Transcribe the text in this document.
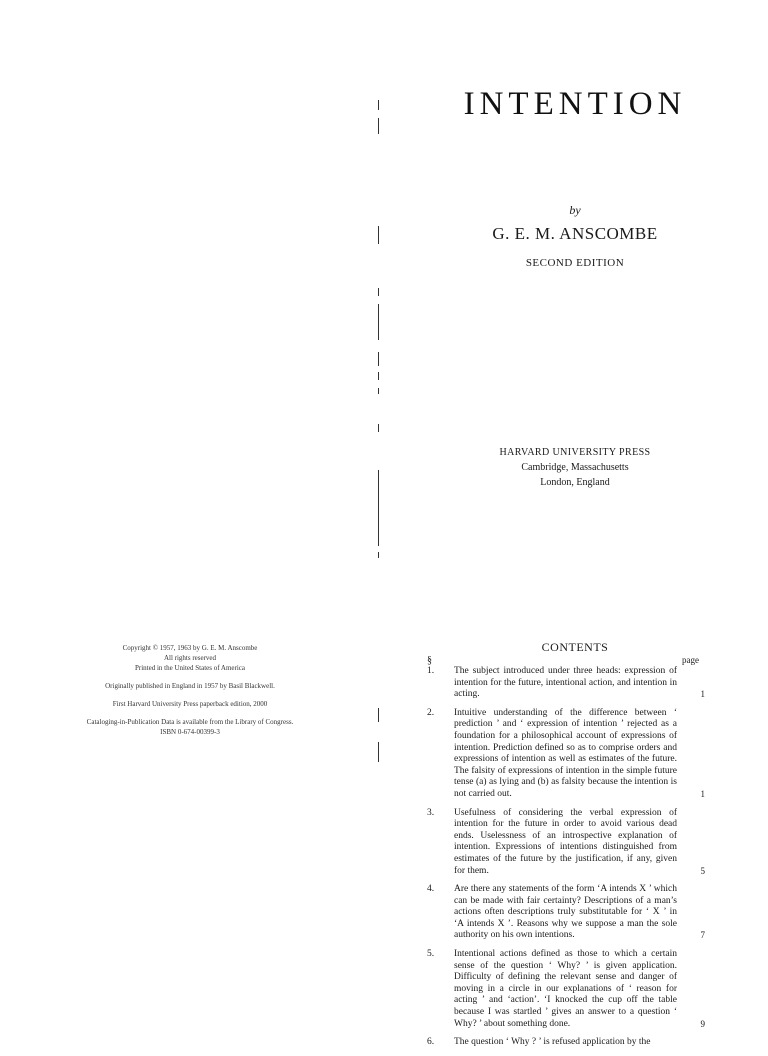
INTENTION
by
G. E. M. ANSCOMBE
SECOND EDITION
HARVARD UNIVERSITY PRESS
Cambridge, Massachusetts
London, England
Copyright © 1957, 1963 by G. E. M. Anscombe
All rights reserved
Printed in the United States of America
Originally published in England in 1957 by Basil Blackwell.
First Harvard University Press paperback edition, 2000
Cataloging-in-Publication Data is available from the Library of Congress.
ISBN 0-674-00399-3
CONTENTS
§	page
1.	The subject introduced under three heads: expression of intention for the future, intentional action, and intention in acting.	1
2.	Intuitive understanding of the difference between ‘ prediction ’ and ‘ expression of intention ’ rejected as a foundation for a philosophical account of expressions of intention. Prediction defined so as to comprise orders and expressions of intention as well as estimates of the future. The falsity of expressions of intention in the simple future tense (a) as lying and (b) as falsity because the intention is not carried out.	1
3.	Usefulness of considering the verbal expression of intention for the future in order to avoid various dead ends. Uselessness of an introspective explanation of intention. Expressions of intentions distinguished from estimates of the future by the justification, if any, given for them.	5
4.	Are there any statements of the form ‘A intends X ’ which can be made with fair certainty? Descriptions of a man’s actions often descriptions truly substitutable for ‘ X ’ in ‘A intends X ’. Reasons why we suppose a man the sole authority on his own intentions.	7
5.	Intentional actions defined as those to which a certain sense of the question ‘ Why? ’ is given application. Difficulty of defining the relevant sense and danger of moving in a circle in our explanations of ‘ reason for acting ’ and ‘action’. ‘I knocked the cup off the table because I was startled ’ gives an answer to a question ‘ Why? ’ about something done.	9
6.	The question ‘ Why ? ’ is refused application by the
